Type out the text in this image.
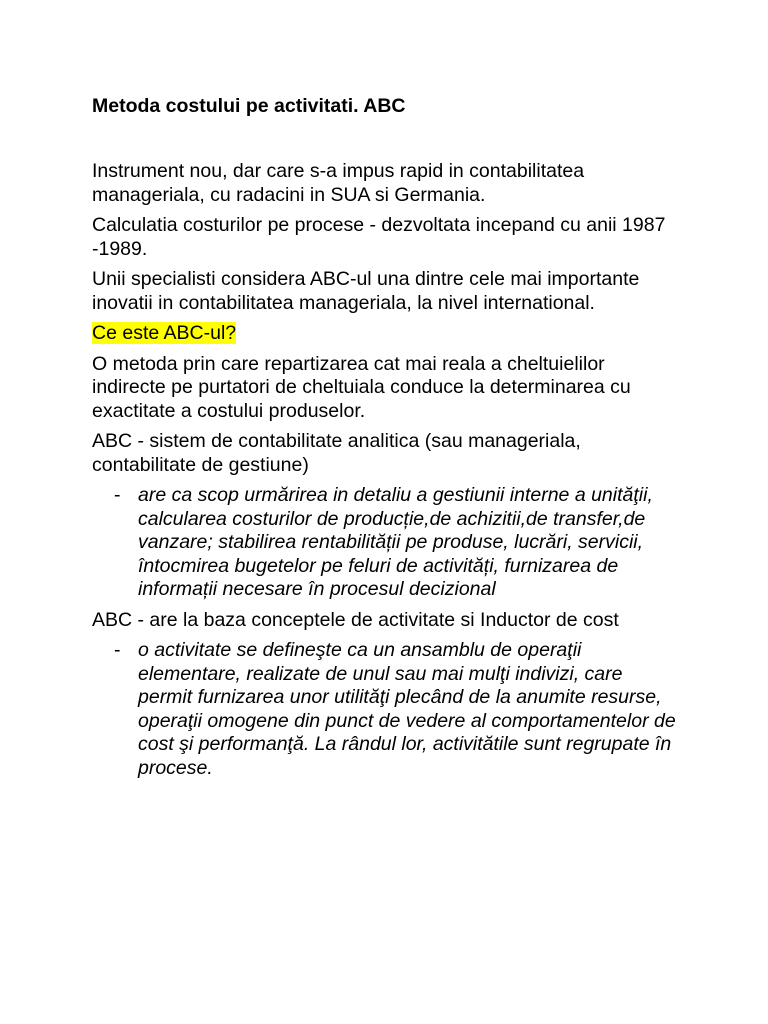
Metoda costului pe activitati. ABC

Instrument nou, dar care s-a impus rapid in contabilitatea manageriala, cu radacini in SUA si Germania.

Calculatia costurilor pe procese - dezvoltata incepand cu anii 1987 -1989.

Unii specialisti considera ABC-ul una dintre cele mai importante inovatii in contabilitatea manageriala, la nivel international.

Ce este ABC-ul?

O metoda prin care repartizarea cat mai reala a cheltuielilor indirecte pe purtatori de cheltuiala conduce la determinarea cu exactitate a costului produselor.

ABC - sistem de contabilitate analitica (sau manageriala, contabilitate de gestiune)

- are ca scop urmărirea in detaliu a gestiunii interne a unităţii, calcularea costurilor de producție,de achizitii,de transfer,de vanzare; stabilirea rentabilității pe produse, lucrări, servicii, întocmirea bugetelor pe feluri de activități, furnizarea de informații necesare în procesul decizional

ABC - are la baza conceptele de activitate si Inductor de cost

- o activitate se defineşte ca un ansamblu de operaţii elementare, realizate de unul sau mai mulţi indivizi, care permit furnizarea unor utilităţi plecând de la anumite resurse, operaţii omogene din punct de vedere al comportamentelor de cost şi performanţă. La rândul lor, activitătile sunt regrupate în procese.
